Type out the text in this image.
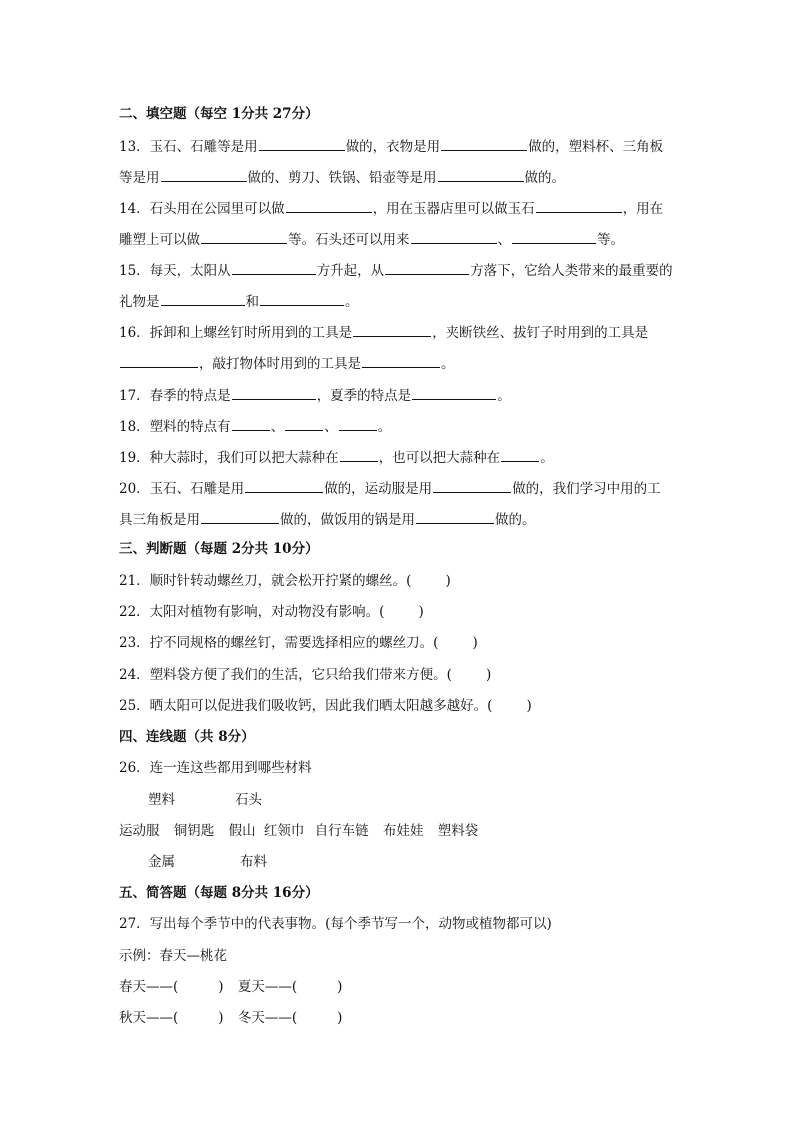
二、填空题（每空 1分共 27分）
13．玉石、石雕等是用	做的，衣物是用	做的，塑料杯、三角板
等是用	做的、剪刀、铁锅、铅壶等是用	做的。
14．石头用在公园里可以做	，用在玉器店里可以做玉石	，用在
雕塑上可以做	等。石头还可以用来	、	等。
15．每天，太阳从	方升起，从	方落下，它给人类带来的最重要的
礼物是	和	。
16．拆卸和上螺丝钉时所用到的工具是	，夹断铁丝、拔钉子时用到的工具是
，敲打物体时用到的工具是	。
17．春季的特点是	，夏季的特点是	。
18．塑料的特点有	、	、	。
19．种大蒜时，我们可以把大蒜种在	，也可以把大蒜种在	。
20．玉石、石雕是用	做的，运动服是用	做的，我们学习中用的工
具三角板是用	做的，做饭用的锅是用	做的。
三、判断题（每题 2分共 10分）
21．顺时针转动螺丝刀，就会松开拧紧的螺丝。(	)
22．太阳对植物有影响，对动物没有影响。(	)
23．拧不同规格的螺丝钉，需要选择相应的螺丝刀。(	)
24．塑料袋方便了我们的生活，它只给我们带来方便。(	)
25．晒太阳可以促进我们吸收钙，因此我们晒太阳越多越好。(	)
四、连线题（共 8分）
26．连一连这些都用到哪些材料
塑料	石头
运动服 铜钥匙 假山 红领巾 自行车链 布娃娃 塑料袋
金属	布料
五、简答题（每题 8分共 16分）
27．写出每个季节中的代表事物。(每个季节写一个，动物或植物都可以)
示例：春天—桃花
春天——(	) 夏天——(	)
秋天——(	) 冬天——(	)
